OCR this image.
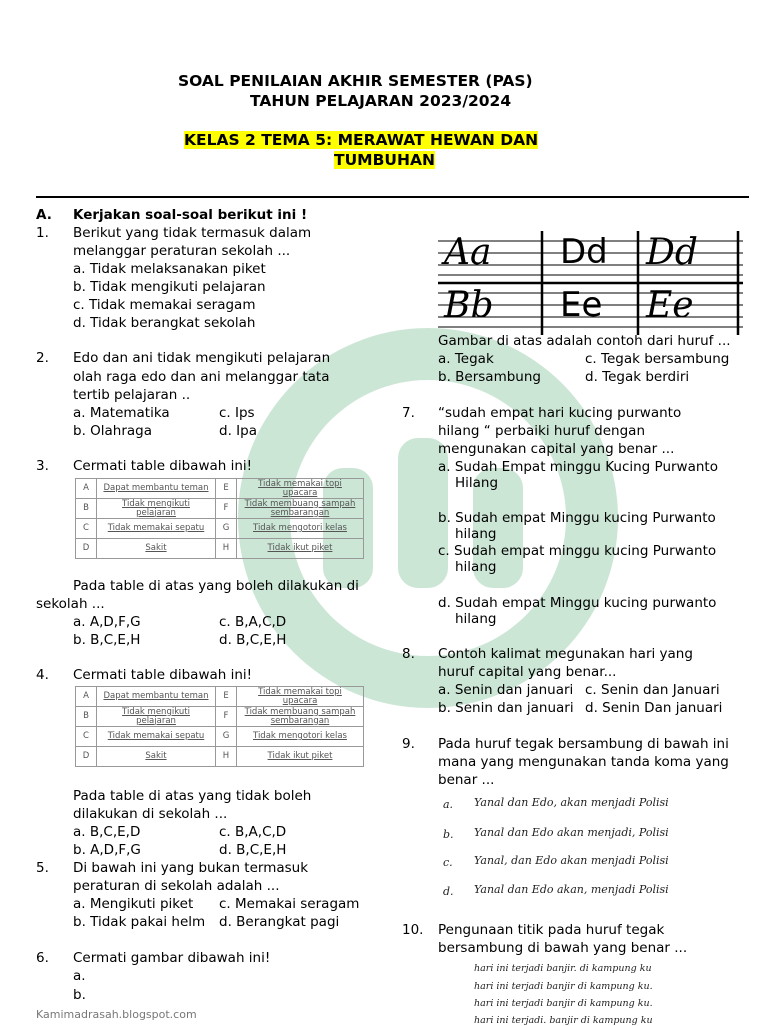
SOAL PENILAIAN AKHIR SEMESTER (PAS)
TAHUN PELAJARAN 2023/2024
KELAS 2 TEMA 5: MERAWAT HEWAN DAN
TUMBUHAN
A. Kerjakan soal-soal berikut ini !
1. Berikut yang tidak termasuk dalam
melanggar peraturan sekolah ...
a. Tidak melaksanakan piket
b. Tidak mengikuti pelajaran
c. Tidak memakai seragam
d. Tidak berangkat sekolah
2. Edo dan ani tidak mengikuti pelajaran
olah raga edo dan ani melanggar tata
tertib pelajaran ..
a. Matematika	c. Ips
b. Olahraga	d. Ipa
3. Cermati table dibawah ini!
A	Dapat membantu teman	E	Tidak memakai topi
upacara
B	Tidak mengikuti
pelajaran	F	Tidak membuang sampah
sembarangan
C	Tidak memakai sepatu	G	Tidak mengotori kelas
D	Sakit	H	Tidak ikut piket
Pada table di atas yang boleh dilakukan di
sekolah ...
a. A,D,F,G	c. B,A,C,D
b. B,C,E,H	d. B,C,E,H
4. Cermati table dibawah ini!
A	Dapat membantu teman	E	Tidak memakai topi
upacara
B	Tidak mengikuti
pelajaran	F	Tidak membuang sampah
sembarangan
C	Tidak memakai sepatu	G	Tidak mengotori kelas
D	Sakit	H	Tidak ikut piket
Pada table di atas yang tidak boleh
dilakukan di sekolah ...
a. B,C,E,D	c. B,A,C,D
b. A,D,F,G	d. B,C,E,H
5. Di bawah ini yang bukan termasuk
peraturan di sekolah adalah ...
a. Mengikuti piket c. Memakai seragam
b. Tidak pakai helm d. Berangkat pagi
6. Cermati gambar dibawah ini!
a.
b.
Kamimadrasah.blogspot.com
Aa Dd Dd
Bb Ee Ee
Gambar di atas adalah contoh dari huruf ...
a. Tegak	c. Tegak bersambung
b. Bersambung	d. Tegak berdiri
7. “sudah empat hari kucing purwanto
hilang “ perbaiki huruf dengan
mengunakan capital yang benar ...
a. Sudah Empat minggu Kucing Purwanto
Hilang
b. Sudah empat Minggu kucing Purwanto
hilang
c. Sudah empat minggu kucing Purwanto
hilang
d. Sudah empat Minggu kucing purwanto
hilang
8. Contoh kalimat megunakan hari yang
huruf capital yang benar...
a. Senin dan januari c. Senin dan Januari
b. Senin dan januari d. Senin Dan januari
9. Pada huruf tegak bersambung di bawah ini
mana yang mengunakan tanda koma yang
benar ...
a. Yanal dan Edo, akan menjadi Polisi
b. Yanal dan Edo akan menjadi, Polisi
c. Yanal, dan Edo akan menjadi Polisi
d. Yanal dan Edo akan, menjadi Polisi
10. Pengunaan titik pada huruf tegak
bersambung di bawah yang benar ...
hari ini terjadi banjir. di kampung ku
hari ini terjadi banjir di kampung ku.
hari ini terjadi banjir di kampung ku.
hari ini terjadi. banjir di kampung ku
